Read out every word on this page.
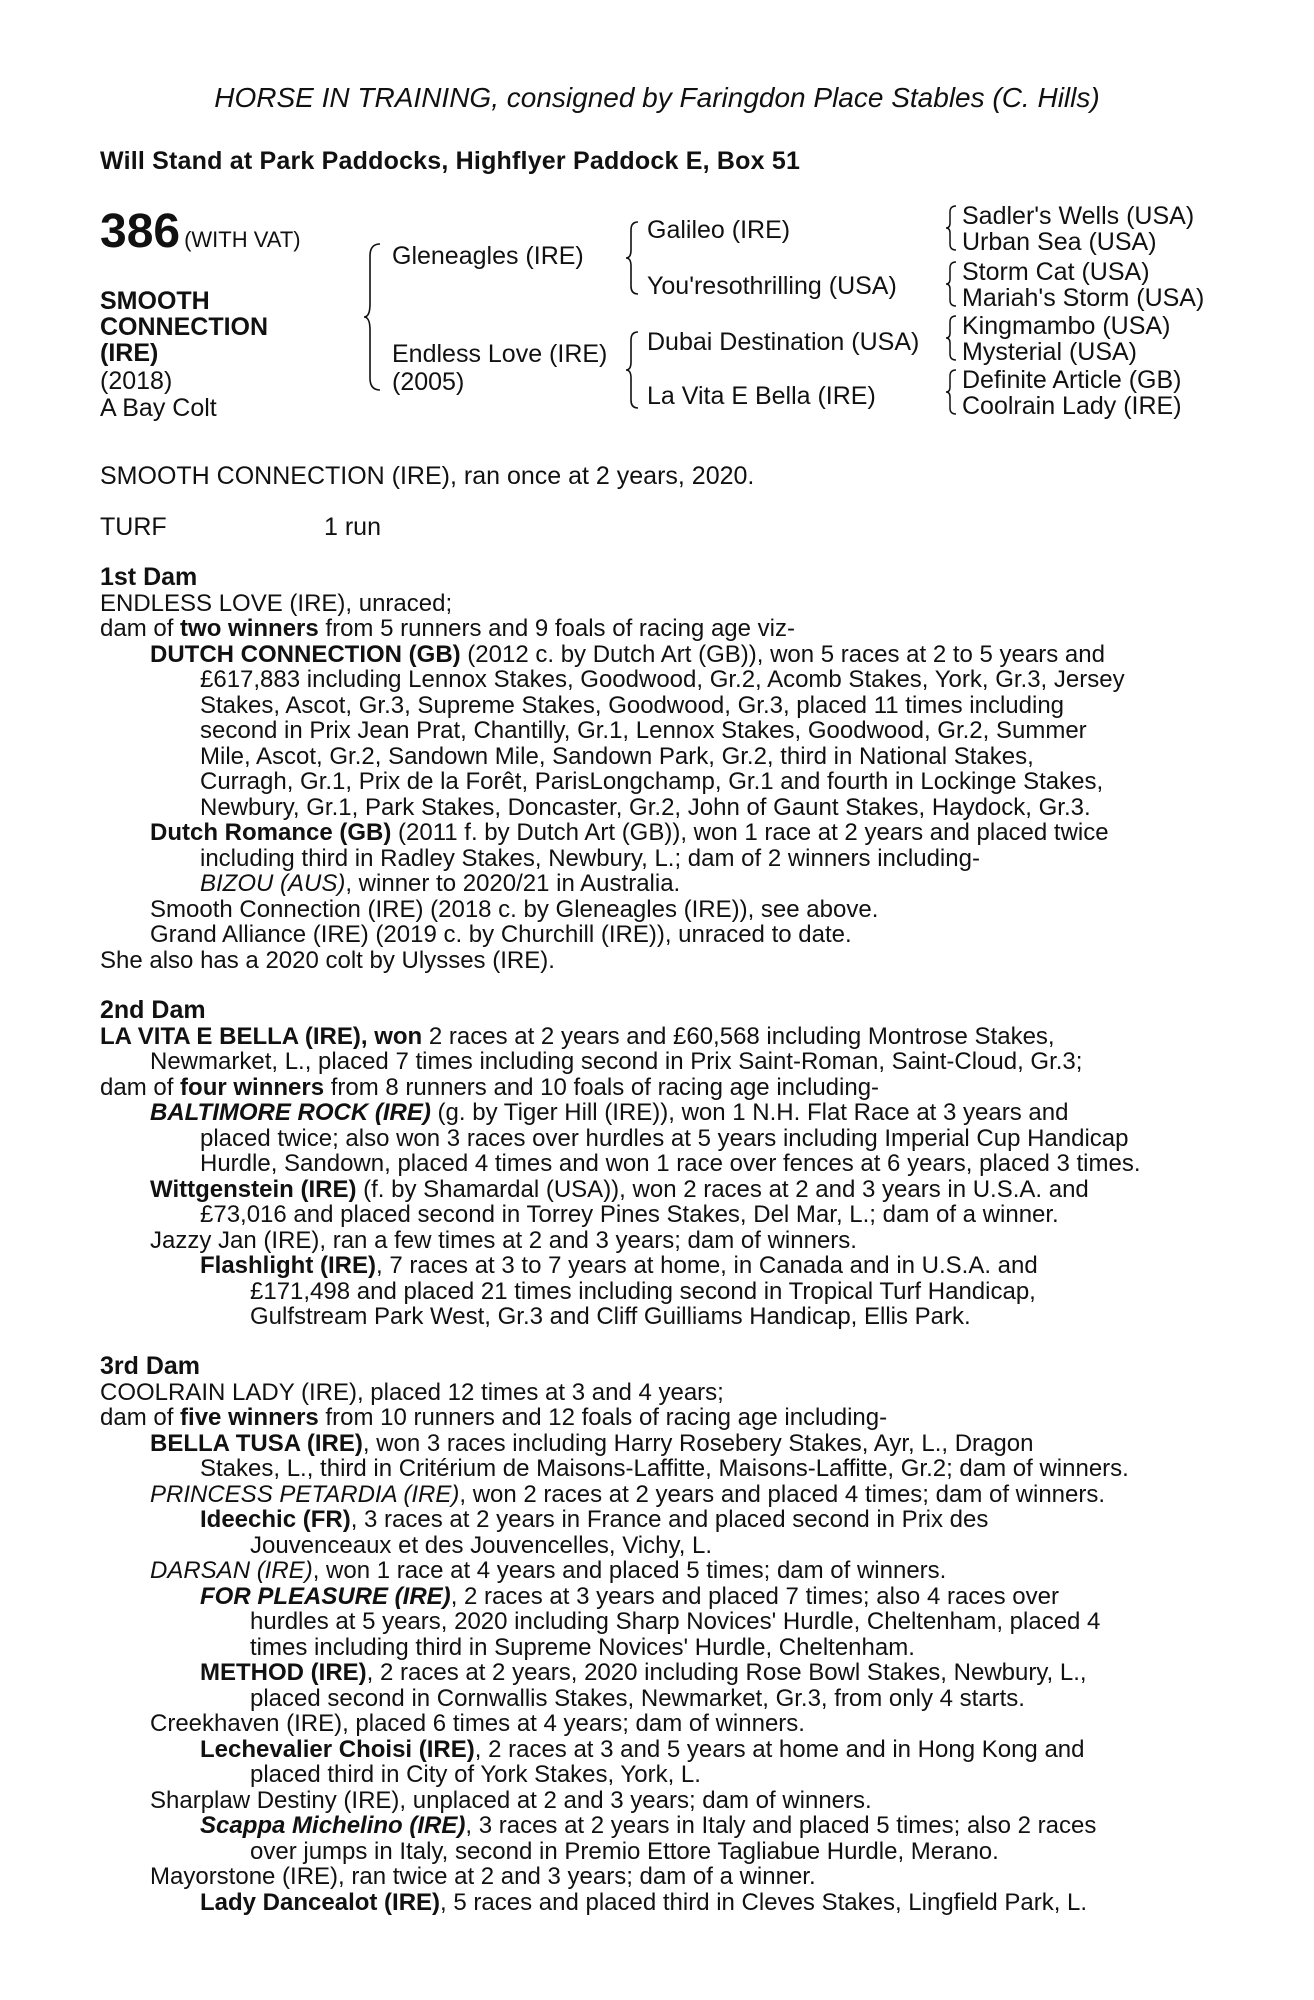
HORSE IN TRAINING, consigned by Faringdon Place Stables (C. Hills)
Will Stand at Park Paddocks, Highflyer Paddock E, Box 51
386 (WITH VAT)
SMOOTH
CONNECTION
(IRE)
(2018)
A Bay Colt
Gleneagles (IRE)
Endless Love (IRE)
(2005)
Galileo (IRE)
You'resothrilling (USA)
Dubai Destination (USA)
La Vita E Bella (IRE)
Sadler's Wells (USA)
Urban Sea (USA)
Storm Cat (USA)
Mariah's Storm (USA)
Kingmambo (USA)
Mysterial (USA)
Definite Article (GB)
Coolrain Lady (IRE)
SMOOTH CONNECTION (IRE), ran once at 2 years, 2020.
TURF	1 run
1st Dam
ENDLESS LOVE (IRE), unraced;
dam of two winners from 5 runners and 9 foals of racing age viz-
DUTCH CONNECTION (GB) (2012 c. by Dutch Art (GB)), won 5 races at 2 to 5 years and
£617,883 including Lennox Stakes, Goodwood, Gr.2, Acomb Stakes, York, Gr.3, Jersey
Stakes, Ascot, Gr.3, Supreme Stakes, Goodwood, Gr.3, placed 11 times including
second in Prix Jean Prat, Chantilly, Gr.1, Lennox Stakes, Goodwood, Gr.2, Summer
Mile, Ascot, Gr.2, Sandown Mile, Sandown Park, Gr.2, third in National Stakes,
Curragh, Gr.1, Prix de la Forêt, ParisLongchamp, Gr.1 and fourth in Lockinge Stakes,
Newbury, Gr.1, Park Stakes, Doncaster, Gr.2, John of Gaunt Stakes, Haydock, Gr.3.
Dutch Romance (GB) (2011 f. by Dutch Art (GB)), won 1 race at 2 years and placed twice
including third in Radley Stakes, Newbury, L.; dam of 2 winners including-
BIZOU (AUS), winner to 2020/21 in Australia.
Smooth Connection (IRE) (2018 c. by Gleneagles (IRE)), see above.
Grand Alliance (IRE) (2019 c. by Churchill (IRE)), unraced to date.
She also has a 2020 colt by Ulysses (IRE).
2nd Dam
LA VITA E BELLA (IRE), won 2 races at 2 years and £60,568 including Montrose Stakes,
Newmarket, L., placed 7 times including second in Prix Saint-Roman, Saint-Cloud, Gr.3;
dam of four winners from 8 runners and 10 foals of racing age including-
BALTIMORE ROCK (IRE) (g. by Tiger Hill (IRE)), won 1 N.H. Flat Race at 3 years and
placed twice; also won 3 races over hurdles at 5 years including Imperial Cup Handicap
Hurdle, Sandown, placed 4 times and won 1 race over fences at 6 years, placed 3 times.
Wittgenstein (IRE) (f. by Shamardal (USA)), won 2 races at 2 and 3 years in U.S.A. and
£73,016 and placed second in Torrey Pines Stakes, Del Mar, L.; dam of a winner.
Jazzy Jan (IRE), ran a few times at 2 and 3 years; dam of winners.
Flashlight (IRE), 7 races at 3 to 7 years at home, in Canada and in U.S.A. and
£171,498 and placed 21 times including second in Tropical Turf Handicap,
Gulfstream Park West, Gr.3 and Cliff Guilliams Handicap, Ellis Park.
3rd Dam
COOLRAIN LADY (IRE), placed 12 times at 3 and 4 years;
dam of five winners from 10 runners and 12 foals of racing age including-
BELLA TUSA (IRE), won 3 races including Harry Rosebery Stakes, Ayr, L., Dragon
Stakes, L., third in Critérium de Maisons-Laffitte, Maisons-Laffitte, Gr.2; dam of winners.
PRINCESS PETARDIA (IRE), won 2 races at 2 years and placed 4 times; dam of winners.
Ideechic (FR), 3 races at 2 years in France and placed second in Prix des
Jouvenceaux et des Jouvencelles, Vichy, L.
DARSAN (IRE), won 1 race at 4 years and placed 5 times; dam of winners.
FOR PLEASURE (IRE), 2 races at 3 years and placed 7 times; also 4 races over
hurdles at 5 years, 2020 including Sharp Novices' Hurdle, Cheltenham, placed 4
times including third in Supreme Novices' Hurdle, Cheltenham.
METHOD (IRE), 2 races at 2 years, 2020 including Rose Bowl Stakes, Newbury, L.,
placed second in Cornwallis Stakes, Newmarket, Gr.3, from only 4 starts.
Creekhaven (IRE), placed 6 times at 4 years; dam of winners.
Lechevalier Choisi (IRE), 2 races at 3 and 5 years at home and in Hong Kong and
placed third in City of York Stakes, York, L.
Sharplaw Destiny (IRE), unplaced at 2 and 3 years; dam of winners.
Scappa Michelino (IRE), 3 races at 2 years in Italy and placed 5 times; also 2 races
over jumps in Italy, second in Premio Ettore Tagliabue Hurdle, Merano.
Mayorstone (IRE), ran twice at 2 and 3 years; dam of a winner.
Lady Dancealot (IRE), 5 races and placed third in Cleves Stakes, Lingfield Park, L.
